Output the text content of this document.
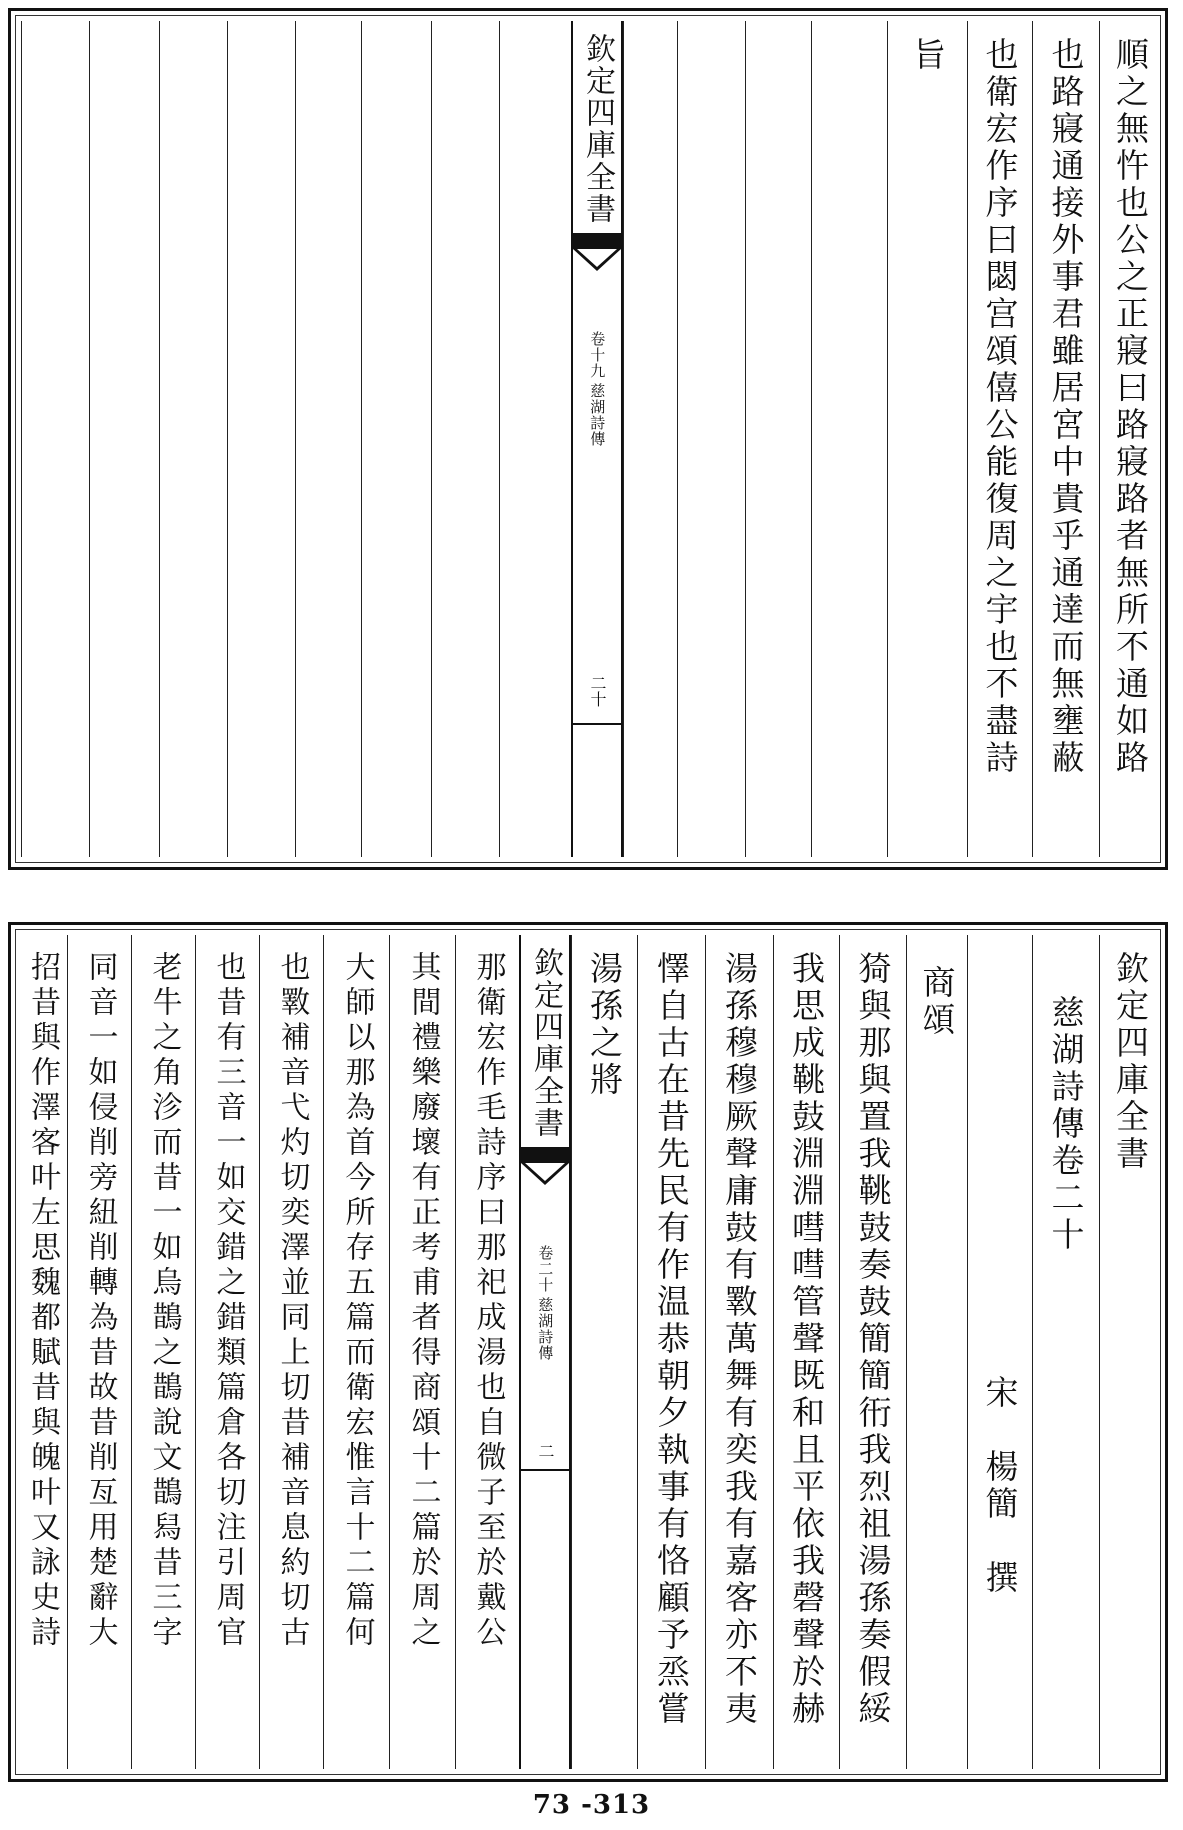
順之無忤也公之正寢曰路寢路者無所不通如路
也路寢通接外事君雖居宮中貴乎通達而無壅蔽
也衛宏作序曰閟宫頌僖公能復周之宇也不盡詩
旨
欽定四庫全書
慈湖詩傳
卷十九
二十
欽定四庫全書
慈湖詩傳卷二十
宋　楊簡　撰
商頌
猗與那與置我鞉鼓奏鼓簡簡衎我烈祖湯孫奏假綏
我思成鞉鼓淵淵嘒嘒管聲既和且平依我磬聲於赫
湯孫穆穆厥聲庸鼓有斁萬舞有奕我有嘉客亦不夷
懌自古在昔先民有作温恭朝夕執事有恪顧予烝嘗
湯孫之將
欽定四庫全書
慈湖詩傳
卷二十
二
那衛宏作毛詩序曰那祀成湯也自微子至於戴公
其間禮樂廢壞有正考甫者得商頌十二篇於周之
大師以那為首今所存五篇而衛宏惟言十二篇何
也斁補音弋灼切奕澤並同上切昔補音息約切古
也昔有三音一如交錯之錯類篇倉各切注引周官
老牛之角沴而昔一如烏鵲之鵲說文鵲舄昔三字
同音一如侵削旁紐削轉為昔故昔削亙用楚辭大
招昔與作澤客叶左思魏都賦昔與魄叶又詠史詩
73 -313
